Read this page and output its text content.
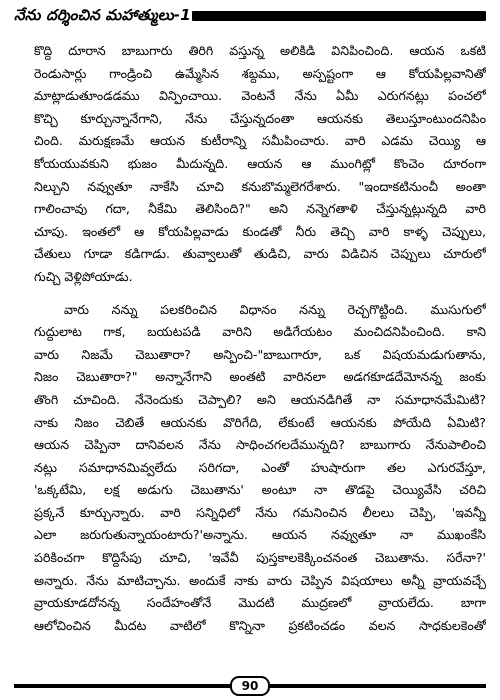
నేను దర్శించిన మహాత్ములు-1
కొద్ది దూరాన బాబుగారు తిరిగి వస్తున్న అలికిడి వినిపించింది. ఆయన ఒకటి
రెండుసార్లు గాండ్రించి ఉమ్మేసిన శబ్దము, అస్పష్టంగా ఆ కోయపిల్లవానితో
మాట్లాడుతూండడము విన్పించాయి. వెంటనే నేను ఏమీ ఎరుగనట్లు పంచలో
కొచ్చి కూర్చున్నానేగాని, నేను చేస్తున్నదంతా ఆయనకు తెలుస్తూంటుందనిపిం
చింది. మరుక్షణమే ఆయన కుటీరాన్ని సమీపించారు. వారి ఎడమ చెయ్యి ఆ
కోయయువకుని భుజం మీదున్నది. ఆయన ఆ ముంగిట్లో కొంచెం దూరంగా
నిల్చుని నవ్వుతూ నాకేసి చూచి కనుబొమ్మలెగరేశారు. "ఇందాకటినుంచీ అంతా
గాలించావు గదా, నీకేమి తెలిసింది?" అని నన్నెగతాళి చేస్తున్నట్లున్నది వారి
చూపు. ఇంతలో ఆ కోయపిల్లవాడు కుండతో నీరు తెచ్చి వారి కాళ్ళ చెప్పులు,
చేతులు గూడా కడిగాడు. తువ్వాలుతో తుడిచి, వారు విడిచిన చెప్పులు చూరులో
గుచ్చి వెళ్లిపోయాడు.
వారు నన్ను పలకరించిన విధానం నన్ను రెచ్చగొట్టింది. ముసుగులో
గుద్దులాట గాక, బయటపడి వారిని అడిగేయటం మంచిదనిపించింది. కాని
వారు నిజమే చెబుతారా? అన్పించి-"బాబుగారూ, ఒక విషయమడుగుతాను,
నిజం చెబుతారా?" అన్నానేగాని అంతటి వారినలా అడగకూడదేమోనన్న జంకు
తొంగి చూచింది. నేనెందుకు చెప్పాలి? అని ఆయనడిగితే నా సమాధానమేమిటి?
నాకు నిజం చెబితే ఆయనకు వొరిగేది, లేకుంటే ఆయనకు పోయేది ఏమిటి?
ఆయన చెప్పినా దానివలన నేను సాధించగలదేమున్నది? బాబుగారు నేనుపాలించి
నట్లు సమాధానమివ్వలేదు సరిగదా, ఎంతో హుషారుగా తల ఎగురవేస్తూ,
'ఒక్కటేమి, లక్ష అడుగు చెబుతాను' అంటూ నా తొడపై చెయ్యివేసి చరిచి
ప్రక్కనే కూర్చున్నారు. వారి సన్నిధిలో నేను గమనించిన లీలలు చెప్పి, 'ఇవన్నీ
ఎలా జరుగుతున్నాయంటారు?'అన్నాను. ఆయన నవ్వుతూ నా ముఖంకేసి
పరికించగా కొద్దిసేపు చూచి, 'ఇవేవీ పుస్తకాలకెక్కించనంత చెబుతాను. సరేనా?'
అన్నారు. నేను మాటిచ్చాను. అందుకే నాకు వారు చెప్పిన విషయాలు అన్నీ వ్రాయవచ్చే
వ్రాయకూడదోనన్న సందేహంతోనే మొదటి ముద్రణలో వ్రాయలేదు. బాగా
ఆలోచించిన మీదట వాటిలో కొన్నినా ప్రకటించడం వలన సాధకులకెంతో
90
